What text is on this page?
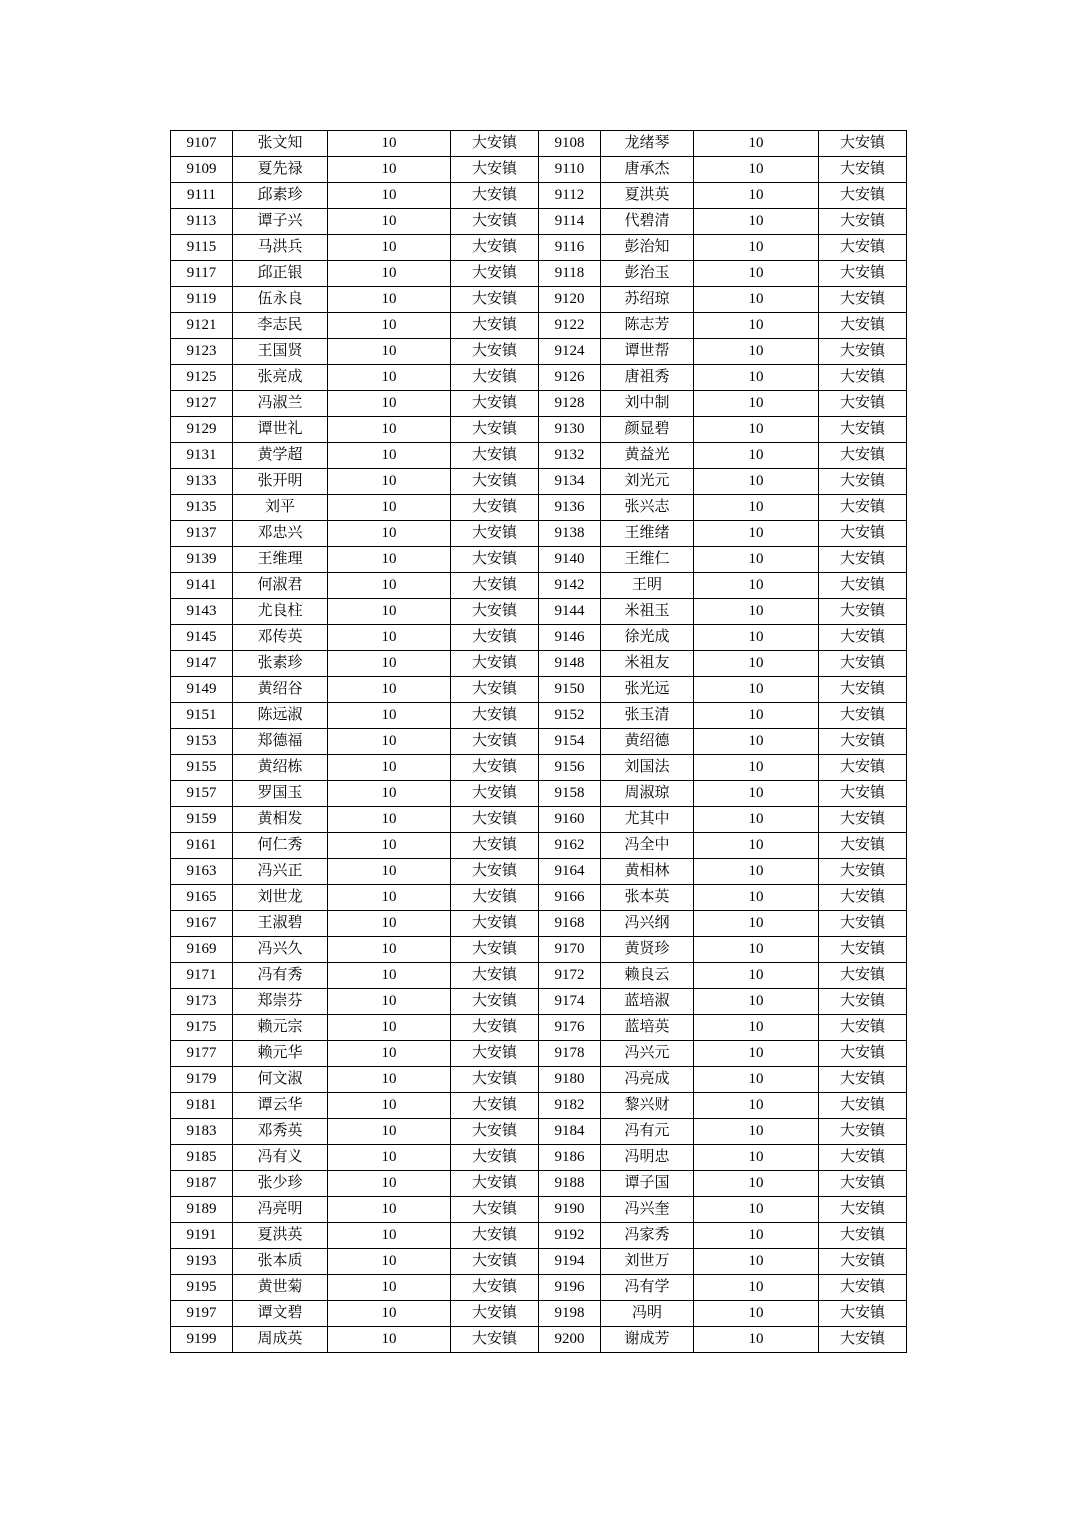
9107	张文知	10	大安镇	9108	龙绪琴	10	大安镇
9109	夏先禄	10	大安镇	9110	唐承杰	10	大安镇
9111	邱素珍	10	大安镇	9112	夏洪英	10	大安镇
9113	谭子兴	10	大安镇	9114	代碧清	10	大安镇
9115	马洪兵	10	大安镇	9116	彭治知	10	大安镇
9117	邱正银	10	大安镇	9118	彭治玉	10	大安镇
9119	伍永良	10	大安镇	9120	苏绍琼	10	大安镇
9121	李志民	10	大安镇	9122	陈志芳	10	大安镇
9123	王国贤	10	大安镇	9124	谭世帮	10	大安镇
9125	张亮成	10	大安镇	9126	唐祖秀	10	大安镇
9127	冯淑兰	10	大安镇	9128	刘中制	10	大安镇
9129	谭世礼	10	大安镇	9130	颜显碧	10	大安镇
9131	黄学超	10	大安镇	9132	黄益光	10	大安镇
9133	张开明	10	大安镇	9134	刘光元	10	大安镇
9135	刘平	10	大安镇	9136	张兴志	10	大安镇
9137	邓忠兴	10	大安镇	9138	王维绪	10	大安镇
9139	王维理	10	大安镇	9140	王维仁	10	大安镇
9141	何淑君	10	大安镇	9142	王明	10	大安镇
9143	尤良柱	10	大安镇	9144	米祖玉	10	大安镇
9145	邓传英	10	大安镇	9146	徐光成	10	大安镇
9147	张素珍	10	大安镇	9148	米祖友	10	大安镇
9149	黄绍谷	10	大安镇	9150	张光远	10	大安镇
9151	陈远淑	10	大安镇	9152	张玉清	10	大安镇
9153	郑德福	10	大安镇	9154	黄绍德	10	大安镇
9155	黄绍栋	10	大安镇	9156	刘国法	10	大安镇
9157	罗国玉	10	大安镇	9158	周淑琼	10	大安镇
9159	黄相发	10	大安镇	9160	尤其中	10	大安镇
9161	何仁秀	10	大安镇	9162	冯全中	10	大安镇
9163	冯兴正	10	大安镇	9164	黄相林	10	大安镇
9165	刘世龙	10	大安镇	9166	张本英	10	大安镇
9167	王淑碧	10	大安镇	9168	冯兴纲	10	大安镇
9169	冯兴久	10	大安镇	9170	黄贤珍	10	大安镇
9171	冯有秀	10	大安镇	9172	赖良云	10	大安镇
9173	郑崇芬	10	大安镇	9174	蓝培淑	10	大安镇
9175	赖元宗	10	大安镇	9176	蓝培英	10	大安镇
9177	赖元华	10	大安镇	9178	冯兴元	10	大安镇
9179	何文淑	10	大安镇	9180	冯亮成	10	大安镇
9181	谭云华	10	大安镇	9182	黎兴财	10	大安镇
9183	邓秀英	10	大安镇	9184	冯有元	10	大安镇
9185	冯有义	10	大安镇	9186	冯明忠	10	大安镇
9187	张少珍	10	大安镇	9188	谭子国	10	大安镇
9189	冯亮明	10	大安镇	9190	冯兴奎	10	大安镇
9191	夏洪英	10	大安镇	9192	冯家秀	10	大安镇
9193	张本质	10	大安镇	9194	刘世万	10	大安镇
9195	黄世菊	10	大安镇	9196	冯有学	10	大安镇
9197	谭文碧	10	大安镇	9198	冯明	10	大安镇
9199	周成英	10	大安镇	9200	谢成芳	10	大安镇
